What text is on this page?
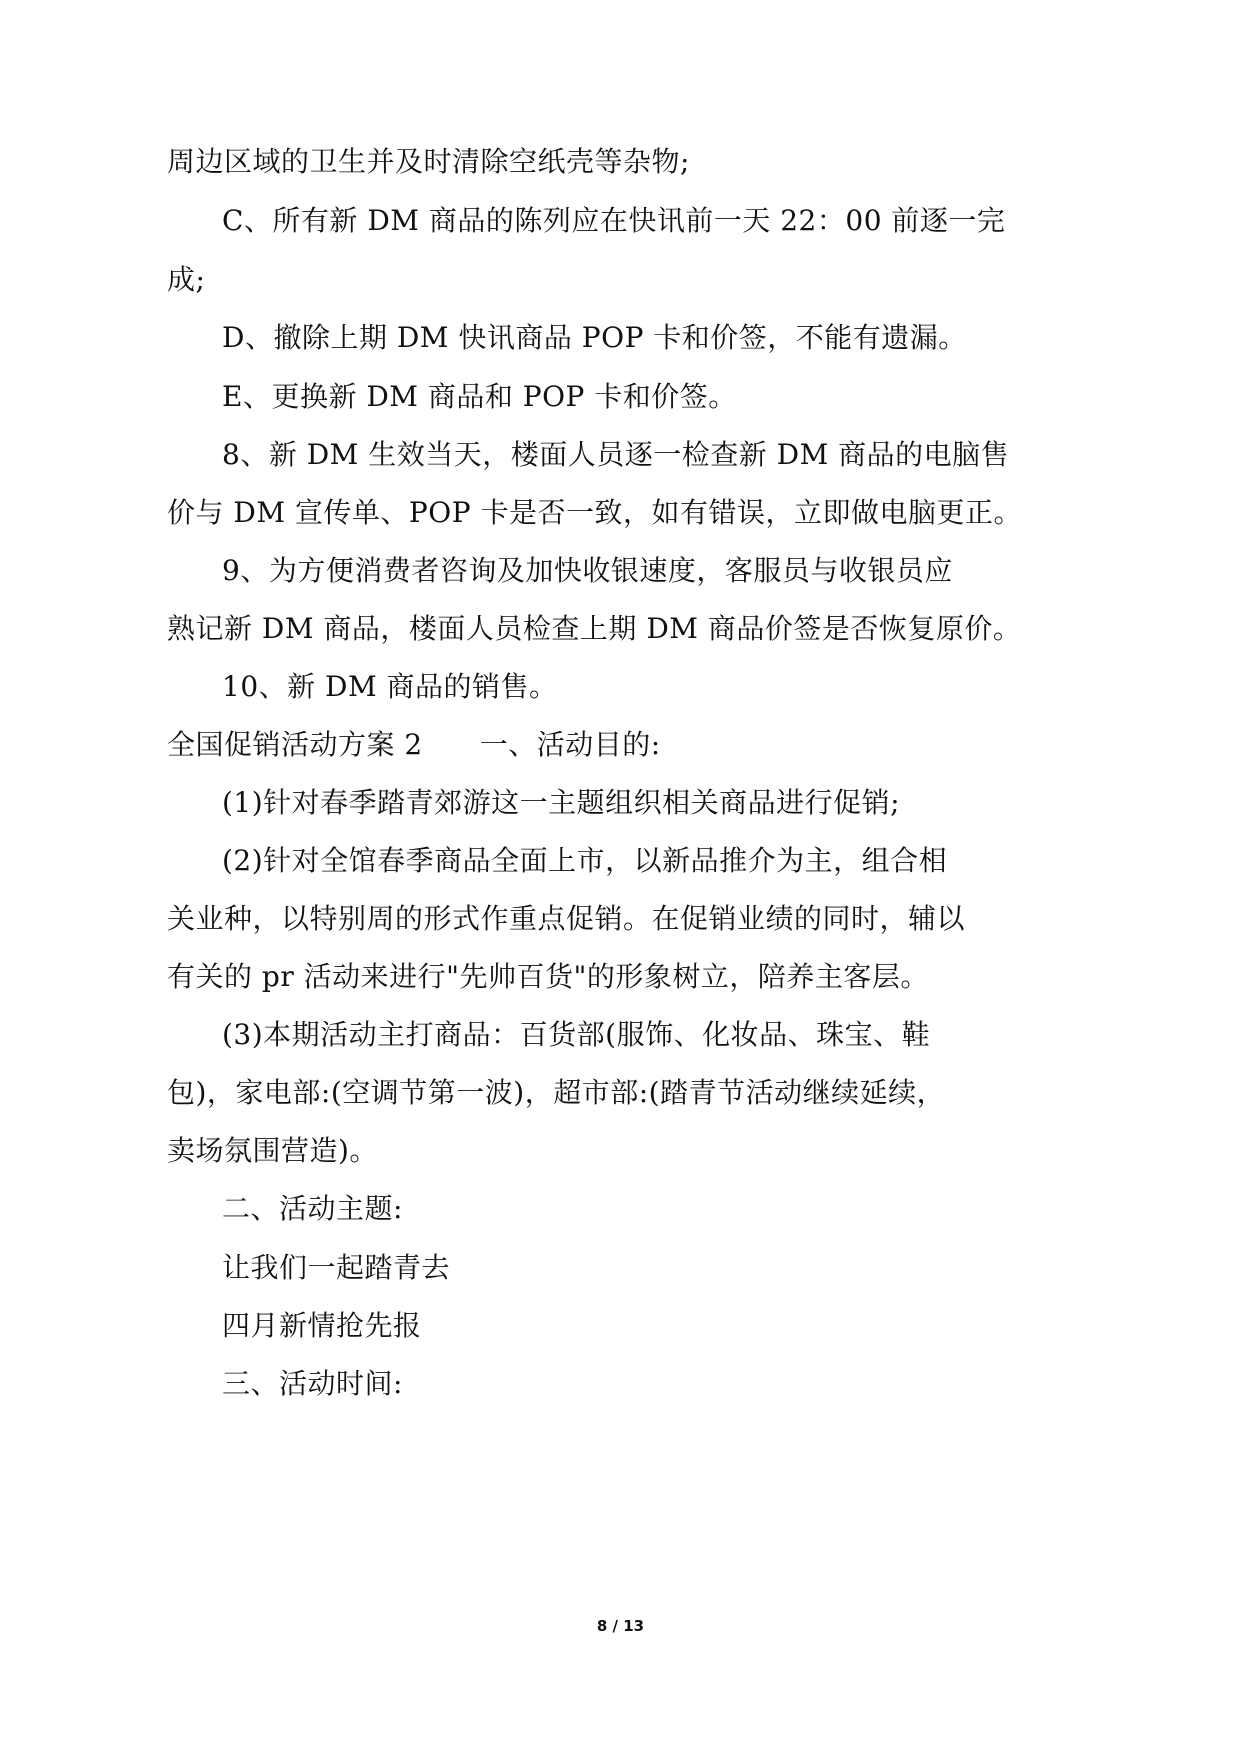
周边区域的卫生并及时清除空纸壳等杂物;
C、所有新 DM 商品的陈列应在快讯前一天 22：00 前逐一完
成;
D、撤除上期 DM 快讯商品 POP 卡和价签，不能有遗漏。
E、更换新 DM 商品和 POP 卡和价签。
8、新 DM 生效当天，楼面人员逐一检查新 DM 商品的电脑售
价与 DM 宣传单、POP 卡是否一致，如有错误，立即做电脑更正。
9、为方便消费者咨询及加快收银速度，客服员与收银员应
熟记新 DM 商品，楼面人员检查上期 DM 商品价签是否恢复原价。
10、新 DM 商品的销售。
全国促销活动方案 2　　一、活动目的:
(1)针对春季踏青郊游这一主题组织相关商品进行促销;
(2)针对全馆春季商品全面上市，以新品推介为主，组合相
关业种，以特别周的形式作重点促销。在促销业绩的同时，辅以
有关的 pr 活动来进行"先帅百货"的形象树立，陪养主客层。
(3)本期活动主打商品：百货部(服饰、化妆品、珠宝、鞋
包)，家电部:(空调节第一波)，超市部:(踏青节活动继续延续，
卖场氛围营造)。
二、活动主题:
让我们一起踏青去
四月新情抢先报
三、活动时间:
8 / 13
